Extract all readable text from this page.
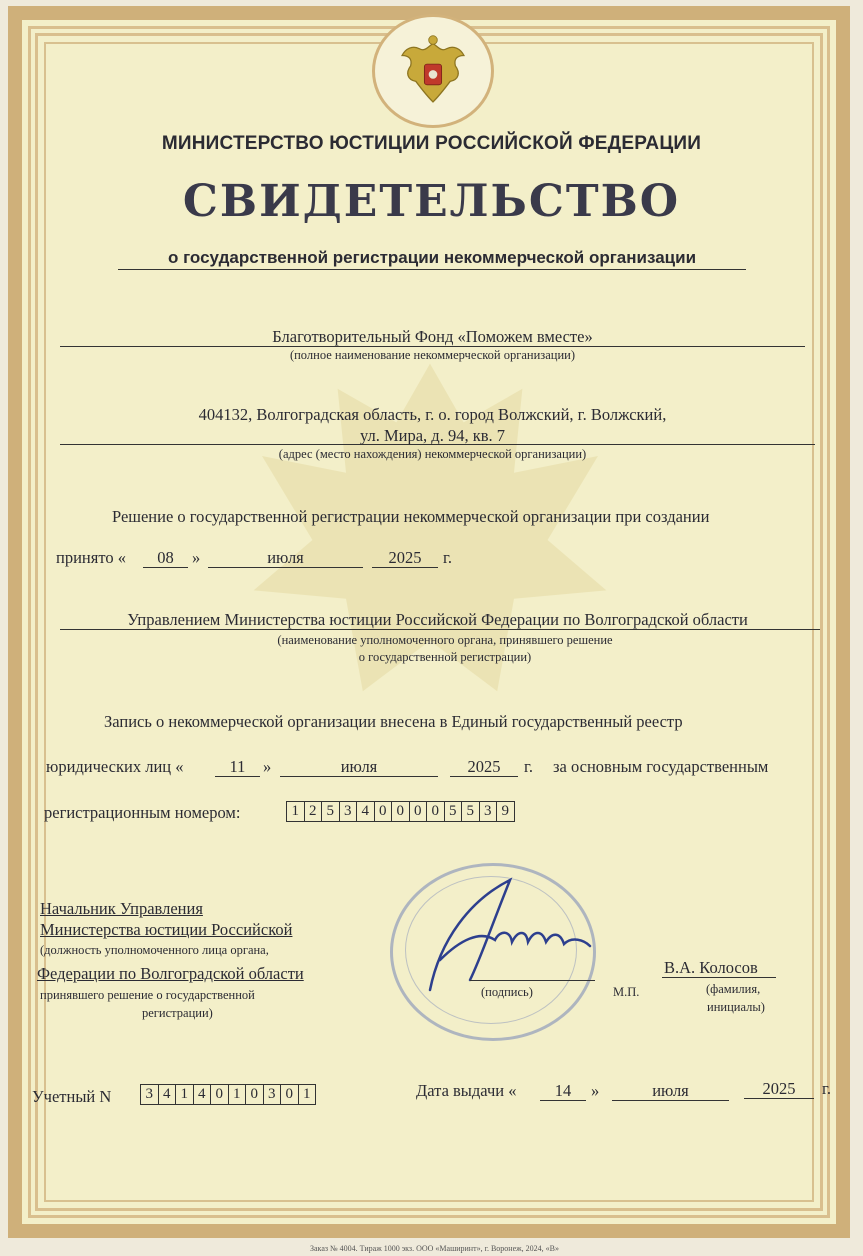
МИНИСТЕРСТВО ЮСТИЦИИ РОССИЙСКОЙ ФЕДЕРАЦИИ
СВИДЕТЕЛЬСТВО
о государственной регистрации некоммерческой организации
Благотворительный Фонд «Поможем вместе»
(полное наименование некоммерческой организации)
404132, Волгоградская область, г. о. город Волжский, г. Волжский,
ул. Мира, д. 94, кв. 7
(адрес (место нахождения) некоммерческой организации)
Решение о государственной регистрации некоммерческой организации при создании
принято «	08	»	июля	2025	г.
Управлением Министерства юстиции Российской Федерации по Волгоградской области
(наименование уполномоченного органа, принявшего решение
о государственной регистрации)
Запись о некоммерческой организации внесена в Единый государственный реестр
юридических лиц «	11	»	июля	2025	г. за основным государственным
регистрационным номером:	1 2 5 3 4 0 0 0 0 5 5 3 9
Начальник Управления
Министерства юстиции Российской
(должность уполномоченного лица органа,
Федерации по Волгоградской области
принявшего решение о государственной
регистрации)
(подпись)	М.П.
В.А. Колосов
(фамилия,
инициалы)
Учетный N	3 4 1 4 0 1 0 3 0 1	Дата выдачи «	14	»	июля	2025	г.
Заказ № 4004. Тираж 1000 экз. ООО «Маширинт», г. Воронеж, 2024, «В»
